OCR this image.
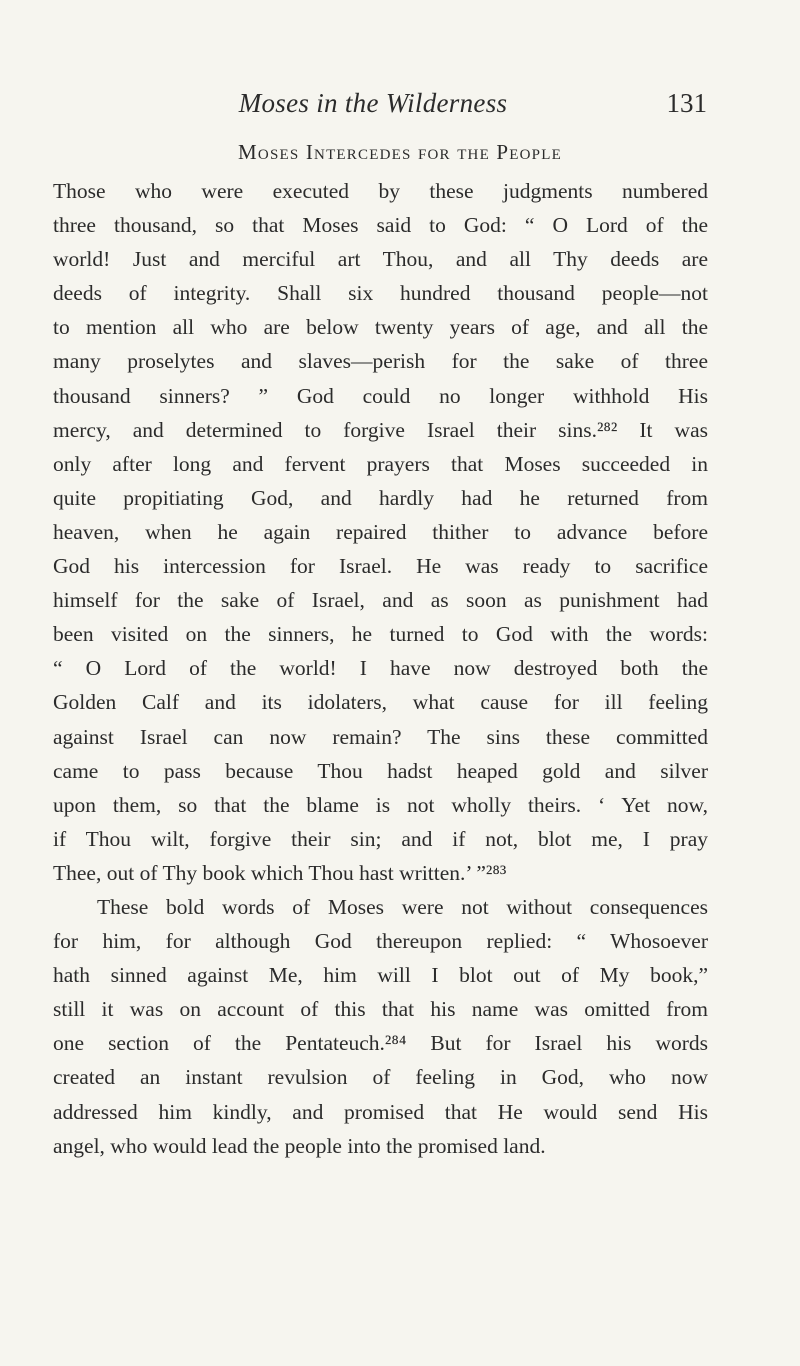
Moses in the Wilderness	131
Moses Intercedes for the People
Those who were executed by these judgments numbered
three thousand, so that Moses said to God: “ O Lord of the
world! Just and merciful art Thou, and all Thy deeds are
deeds of integrity. Shall six hundred thousand people—not
to mention all who are below twenty years of age, and all the
many proselytes and slaves—perish for the sake of three
thousand sinners? ” God could no longer withhold His
mercy, and determined to forgive Israel their sins.²⁸² It was
only after long and fervent prayers that Moses succeeded in
quite propitiating God, and hardly had he returned from
heaven, when he again repaired thither to advance before
God his intercession for Israel. He was ready to sacrifice
himself for the sake of Israel, and as soon as punishment had
been visited on the sinners, he turned to God with the words:
“ O Lord of the world! I have now destroyed both the
Golden Calf and its idolaters, what cause for ill feeling
against Israel can now remain? The sins these committed
came to pass because Thou hadst heaped gold and silver
upon them, so that the blame is not wholly theirs. ‘ Yet now,
if Thou wilt, forgive their sin; and if not, blot me, I pray
Thee, out of Thy book which Thou hast written.’ ”²⁸³
These bold words of Moses were not without consequences
for him, for although God thereupon replied: “ Whosoever
hath sinned against Me, him will I blot out of My book,”
still it was on account of this that his name was omitted from
one section of the Pentateuch.²⁸⁴ But for Israel his words
created an instant revulsion of feeling in God, who now
addressed him kindly, and promised that He would send His
angel, who would lead the people into the promised land.
